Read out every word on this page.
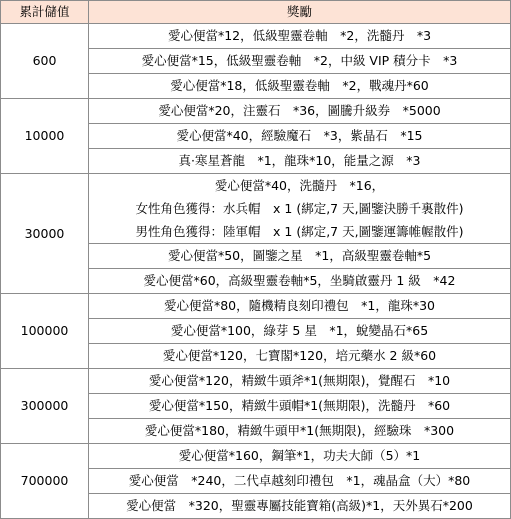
累計儲值	獎勵
600	愛心便當*12，低級聖靈卷軸　*2，洗髓丹　*3
	愛心便當*15，低級聖靈卷軸　*2，中級 VIP 積分卡　*3
	愛心便當*18，低級聖靈卷軸　*2，戰魂丹*60
10000	愛心便當*20，注靈石　*36，圖騰升級券　*5000
	愛心便當*40，經驗魔石　*3，紫晶石　*15
	真·寒星蒼龍　*1，龍珠*10，能量之源　*3
30000	愛心便當*40，洗髓丹　*16，
女性角色獲得：水兵帽　x 1 (綁定,7 天,圖鑒決勝千裏散件)
男性角色獲得：陸軍帽　x 1 (綁定,7 天,圖鑒運籌帷幄散件)

	愛心便當*50，圖鑒之星　*1，高級聖靈卷軸*5
	愛心便當*60，高級聖靈卷軸*5，坐騎啟靈丹 1 級　*42
100000	愛心便當*80，隨機精良刻印禮包　*1，龍珠*30
	愛心便當*100，綠芽 5 星　*1，蛻變晶石*65
	愛心便當*120，七寶閣*120，培元藥水 2 級*60
300000	愛心便當*120，精緻牛頭斧*1(無期限)，覺醒石　*10
	愛心便當*150，精緻牛頭帽*1(無期限)，洗髓丹　*60
	愛心便當*180，精緻牛頭甲*1(無期限)，經驗珠　*300
700000	愛心便當*160，鋼筆*1，功夫大師（5）*1
	愛心便當　*240，二代卓越刻印禮包　*1，魂晶盒（大）*80
	愛心便當　*320，聖靈專屬技能寶箱(高級)*1，天外異石*200
